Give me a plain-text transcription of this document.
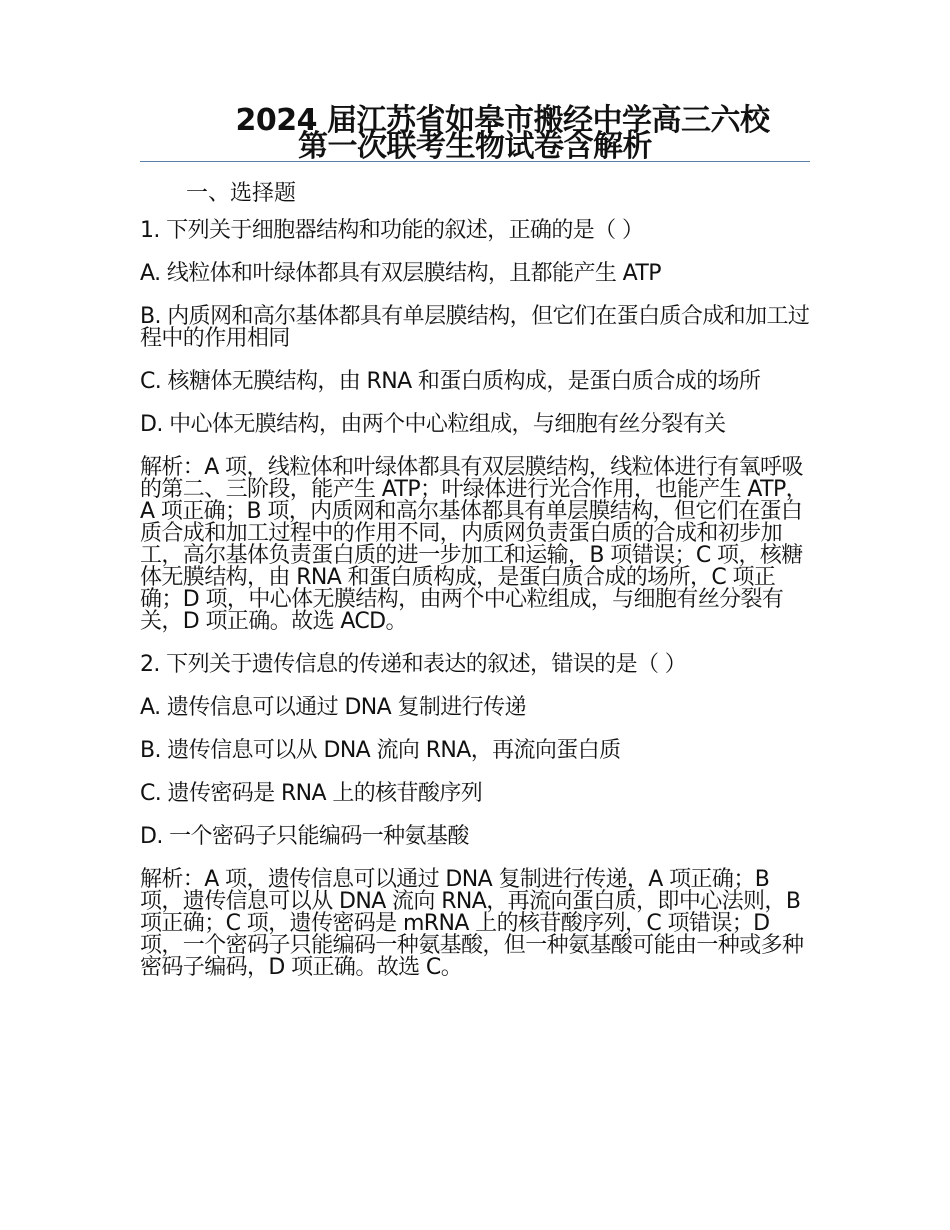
2024 届江苏省如皋市搬经中学高三六校
第一次联考生物试卷含解析
一、选择题

1. 下列关于细胞器结构和功能的叙述，正确的是（ ）

A. 线粒体和叶绿体都具有双层膜结构，且都能产生 ATP

B. 内质网和高尔基体都具有单层膜结构，但它们在蛋白质合成和加工过程中的作用相同

C. 核糖体无膜结构，由 RNA 和蛋白质构成，是蛋白质合成的场所

D. 中心体无膜结构，由两个中心粒组成，与细胞有丝分裂有关

解析：A 项，线粒体和叶绿体都具有双层膜结构，线粒体进行有氧呼吸的第二、三阶段，能产生 ATP；叶绿体进行光合作用，也能产生 ATP，A 项正确；B 项，内质网和高尔基体都具有单层膜结构，但它们在蛋白质合成和加工过程中的作用不同，内质网负责蛋白质的合成和初步加工，高尔基体负责蛋白质的进一步加工和运输，B 项错误；C 项，核糖体无膜结构，由 RNA 和蛋白质构成，是蛋白质合成的场所，C 项正确；D 项，中心体无膜结构，由两个中心粒组成，与细胞有丝分裂有关，D 项正确。故选 ACD。

2. 下列关于遗传信息的传递和表达的叙述，错误的是（ ）

A. 遗传信息可以通过 DNA 复制进行传递

B. 遗传信息可以从 DNA 流向 RNA，再流向蛋白质

C. 遗传密码是 RNA 上的核苷酸序列

D. 一个密码子只能编码一种氨基酸

解析：A 项，遗传信息可以通过 DNA 复制进行传递，A 项正确；B 项，遗传信息可以从 DNA 流向 RNA，再流向蛋白质，即中心法则，B 项正确；C 项，遗传密码是 mRNA 上的核苷酸序列，C 项错误；D 项，一个密码子只能编码一种氨基酸，但一种氨基酸可能由一种或多种密码子编码，D 项正确。故选 C。
